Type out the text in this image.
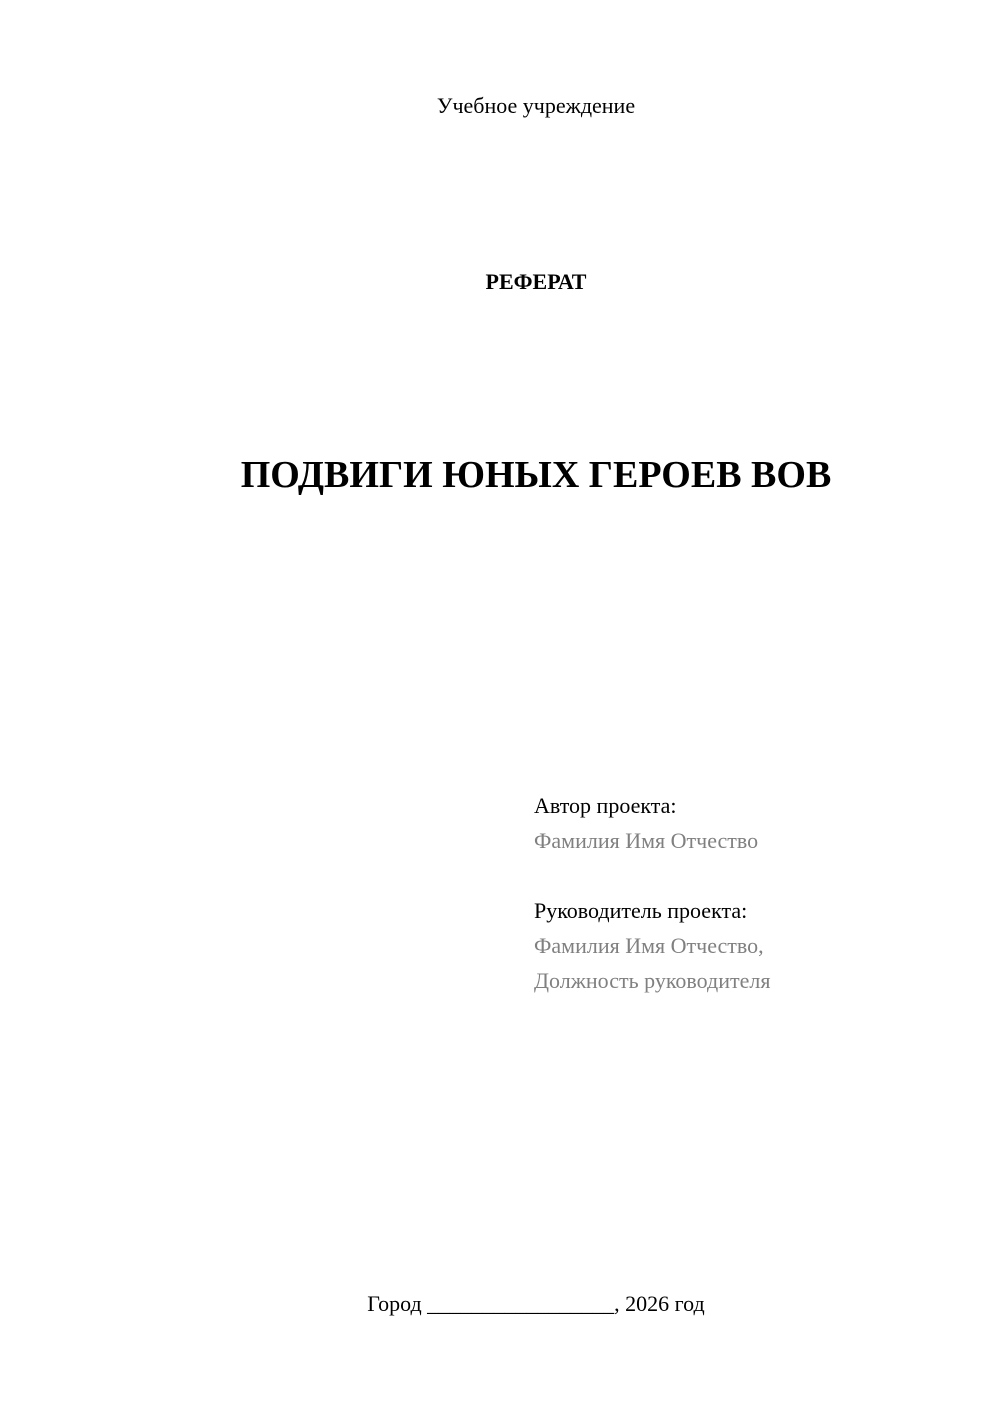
Учебное учреждение
РЕФЕРАТ
ПОДВИГИ ЮНЫХ ГЕРОЕВ ВОВ
Автор проекта:
Фамилия Имя Отчество
Руководитель проекта:
Фамилия Имя Отчество,
Должность руководителя
Город _________________, 2026 год
